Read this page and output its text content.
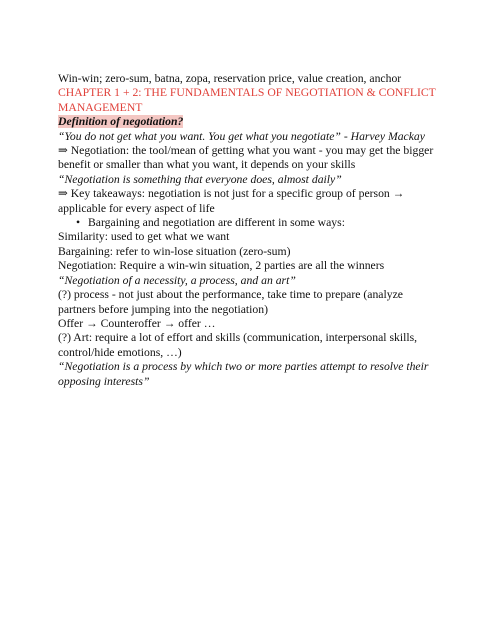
Win-win; zero-sum, batna, zopa, reservation price, value creation, anchor

CHAPTER 1 + 2: THE FUNDAMENTALS OF NEGOTIATION & CONFLICT MANAGEMENT

Definition of negotiation?

“You do not get what you want. You get what you negotiate” - Harvey Mackay

⇒ Negotiation: the tool/mean of getting what you want - you may get the bigger benefit or smaller than what you want, it depends on your skills

“Negotiation is something that everyone does, almost daily”

⇒ Key takeaways: negotiation is not just for a specific group of person → applicable for every aspect of life

• Bargaining and negotiation are different in some ways:

Similarity: used to get what we want

Bargaining: refer to win-lose situation (zero-sum)

Negotiation: Require a win-win situation, 2 parties are all the winners

“Negotiation of a necessity, a process, and an art”

(?) process - not just about the performance, take time to prepare (analyze partners before jumping into the negotiation)

Offer → Counteroffer → offer …

(?) Art: require a lot of effort and skills (communication, interpersonal skills, control/hide emotions, …)

“Negotiation is a process by which two or more parties attempt to resolve their opposing interests”
